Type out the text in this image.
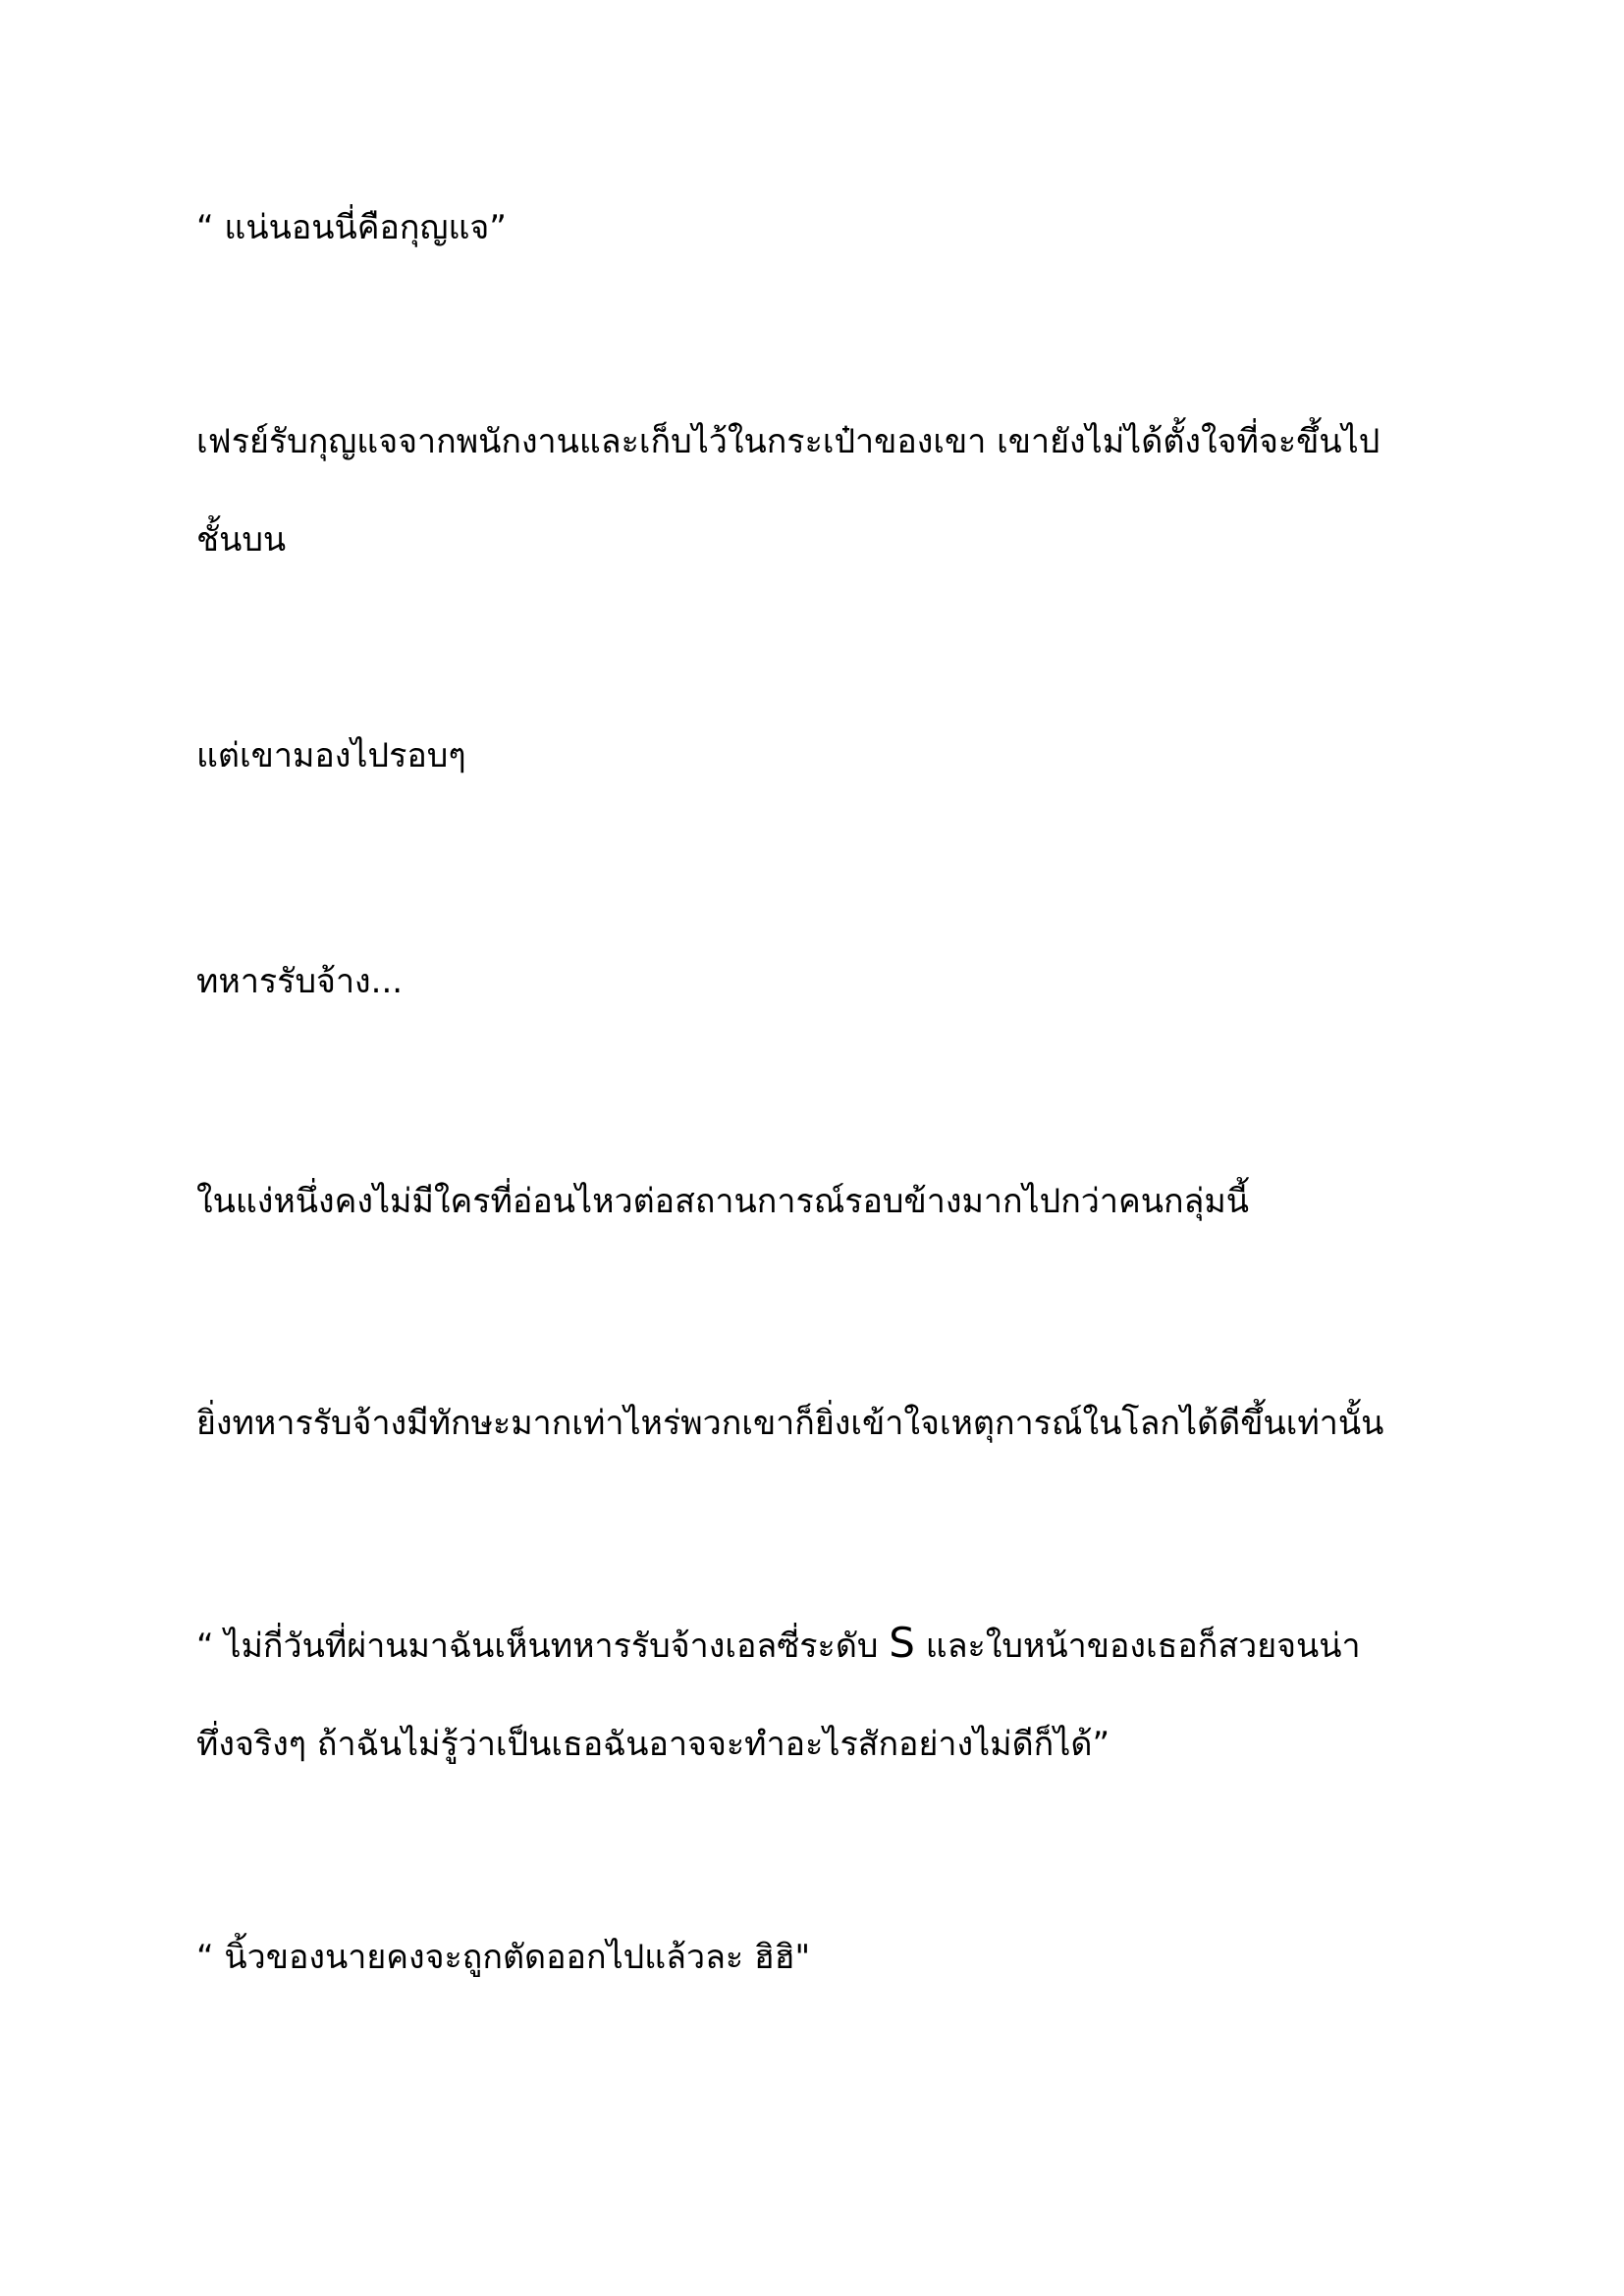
“ แน่นอนนี่คือกุญแจ”

เฟรย์รับกุญแจจากพนักงานและเก็บไว้ในกระเป๋าของเขา เขายังไม่ได้ตั้งใจที่จะขึ้นไป
ชั้นบน

แต่เขามองไปรอบๆ

ทหารรับจ้าง...

ในแง่หนึ่งคงไม่มีใครที่อ่อนไหวต่อสถานการณ์รอบข้างมากไปกว่าคนกลุ่มนี้

ยิ่งทหารรับจ้างมีทักษะมากเท่าไหร่พวกเขาก็ยิ่งเข้าใจเหตุการณ์ในโลกได้ดีขึ้นเท่านั้น

“ ไม่กี่วันที่ผ่านมาฉันเห็นทหารรับจ้างเอลซี่ระดับ S และใบหน้าของเธอก็สวยจนน่า
ทึ่งจริงๆ ถ้าฉันไม่รู้ว่าเป็นเธอฉันอาจจะทำอะไรสักอย่างไม่ดีก็ได้”

“ นิ้วของนายคงจะถูกตัดออกไปแล้วละ ฮิฮิ"
